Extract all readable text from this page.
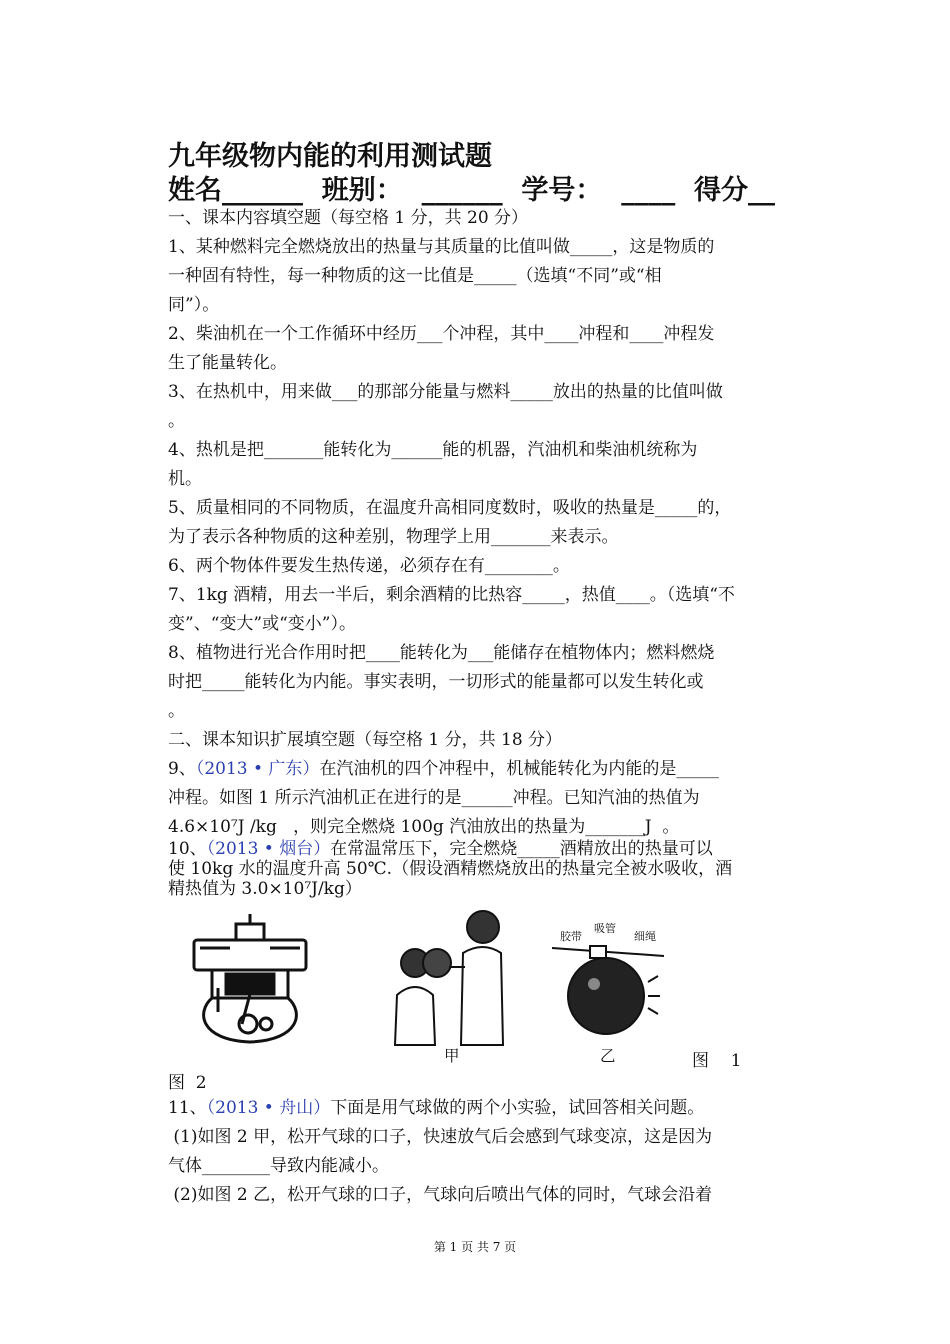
九年级物内能的利用测试题
姓名______  班别：  ______  学号：  ____  得分__
一、课本内容填空题（每空格 1 分，共 20 分）
1、某种燃料完全燃烧放出的热量与其质量的比值叫做_____，这是物质的
一种固有特性，每一种物质的这一比值是_____（选填“不同”或“相
同”）。
2、柴油机在一个工作循环中经历___个冲程，其中____冲程和____冲程发
生了能量转化。
3、在热机中，用来做___的那部分能量与燃料_____放出的热量的比值叫做
。
4、热机是把_______能转化为______能的机器，汽油机和柴油机统称为
机。
5、质量相同的不同物质，在温度升高相同度数时，吸收的热量是_____的，
为了表示各种物质的这种差别，物理学上用_______来表示。
6、两个物体件要发生热传递，必须存在有________。
7、1kg 酒精，用去一半后，剩余酒精的比热容_____，热值____。（选填“不
变”、“变大”或“变小”）。
8、植物进行光合作用时把____能转化为___能储存在植物体内；燃料燃烧
时把_____能转化为内能。事实表明，一切形式的能量都可以发生转化或
。
二、课本知识扩展填空题（每空格 1 分，共 18 分）
9、（2013 • 广东）在汽油机的四个冲程中，机械能转化为内能的是_____
冲程。如图 1 所示汽油机正在进行的是______冲程。已知汽油的热值为
4.6×10⁷J /kg   ，则完全燃烧 100g 汽油放出的热量为_______J  。
10、（2013 • 烟台）在常温常压下，完全燃烧_____酒精放出的热量可以
使 10kg 水的温度升高 50℃.（假设酒精燃烧放出的热量完全被水吸收，酒
精热值为 3.0×10⁷J/kg）
甲
胶带
吸管
细绳
乙	图    1
图  2
11、（2013 • 舟山）下面是用气球做的两个小实验，试回答相关问题。
(1)如图 2 甲，松开气球的口子，快速放气后会感到气球变凉，这是因为
气体________导致内能减小。
(2)如图 2 乙，松开气球的口子，气球向后喷出气体的同时，气球会沿着
第 1 页 共 7 页
